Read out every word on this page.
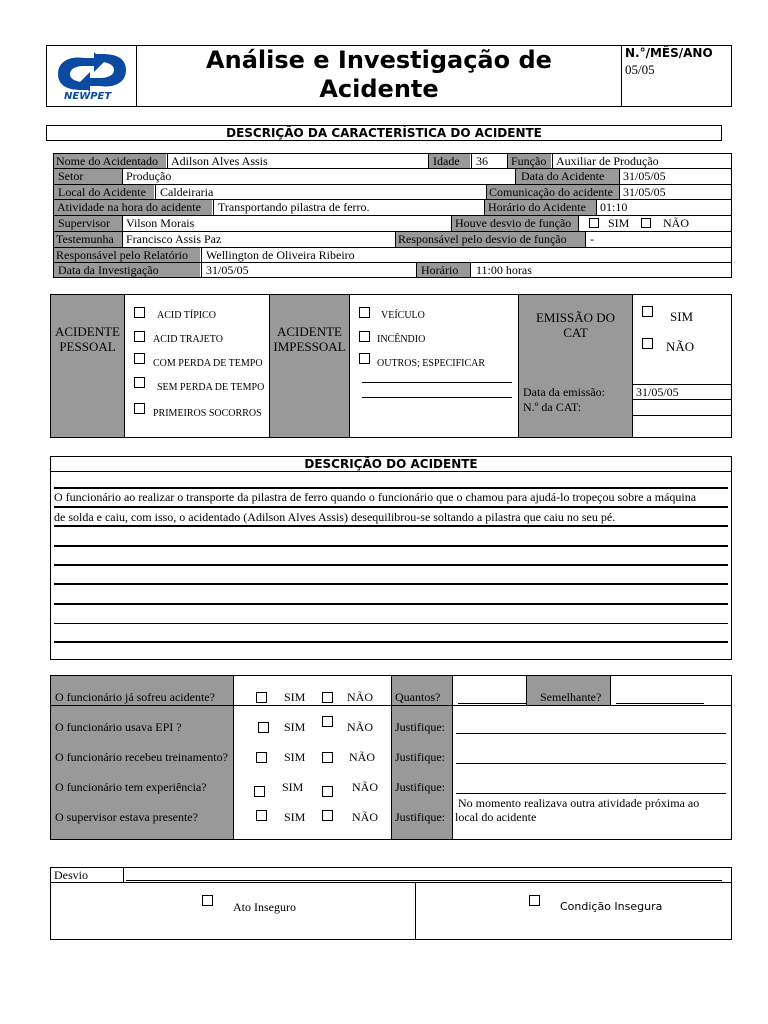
NEWPET
Análise e Investigação de
Acidente
N.°/MÊS/ANO
05/05
DESCRIÇÃO DA CARACTERÍSTICA DO ACIDENTE
Nome do Acidentado Adilson Alves Assis	Idade 36 Função Auxiliar de Produção
Setor	Produção	Data do Acidente 31/05/05
Local do Acidente Caldeiraria	Comunicação do acidente 31/05/05
Atividade na hora do acidente Transportando pilastra de ferro.	Horário do Acidente 01:10
Supervisor Vilson Morais	Houve desvio de função	SIM	NÃO
Testemunha Francisco Assis Paz	Responsável pelo desvio de função -
Responsável pelo Relatório Wellington de Oliveira Ribeiro
Data da Investigação	31/05/05	Horário 11:00 horas
ACIDENTE
PESSOAL
ACID TÍPICO
ACID TRAJETO
COM PERDA DE TEMPO
SEM PERDA DE TEMPO
PRIMEIROS SOCORROS
ACIDENTE
IMPESSOAL
VEÍCULO
INCÊNDIO
OUTROS; ESPECIFICAR
EMISSÃO DO
CAT
Data da emissão:
N.º da CAT:
SIM
NÃO
31/05/05
DESCRIÇÃO DO ACIDENTE
O funcionário ao realizar o transporte da pilastra de ferro quando o funcionário que o chamou para ajudá-lo tropeçou sobre a máquina
de solda e caiu, com isso, o acidentado (Adilson Alves Assis) desequilibrou-se soltando a pilastra que caiu no seu pé.
O funcionário já sofreu acidente?	SIM	NÃO Quantos?	Semelhante?
O funcionário usava EPI ?	SIM	NÃO Justifique:
O funcionário recebeu treinamento?	SIM	NÃO Justifique:
O funcionário tem experiência?	SIM	NÃO Justifique:
O supervisor estava presente?	SIM	NÃO Justifique:
No momento realizava outra atividade próxima ao
local do acidente
Desvio
Ato Inseguro	Condição Insegura
